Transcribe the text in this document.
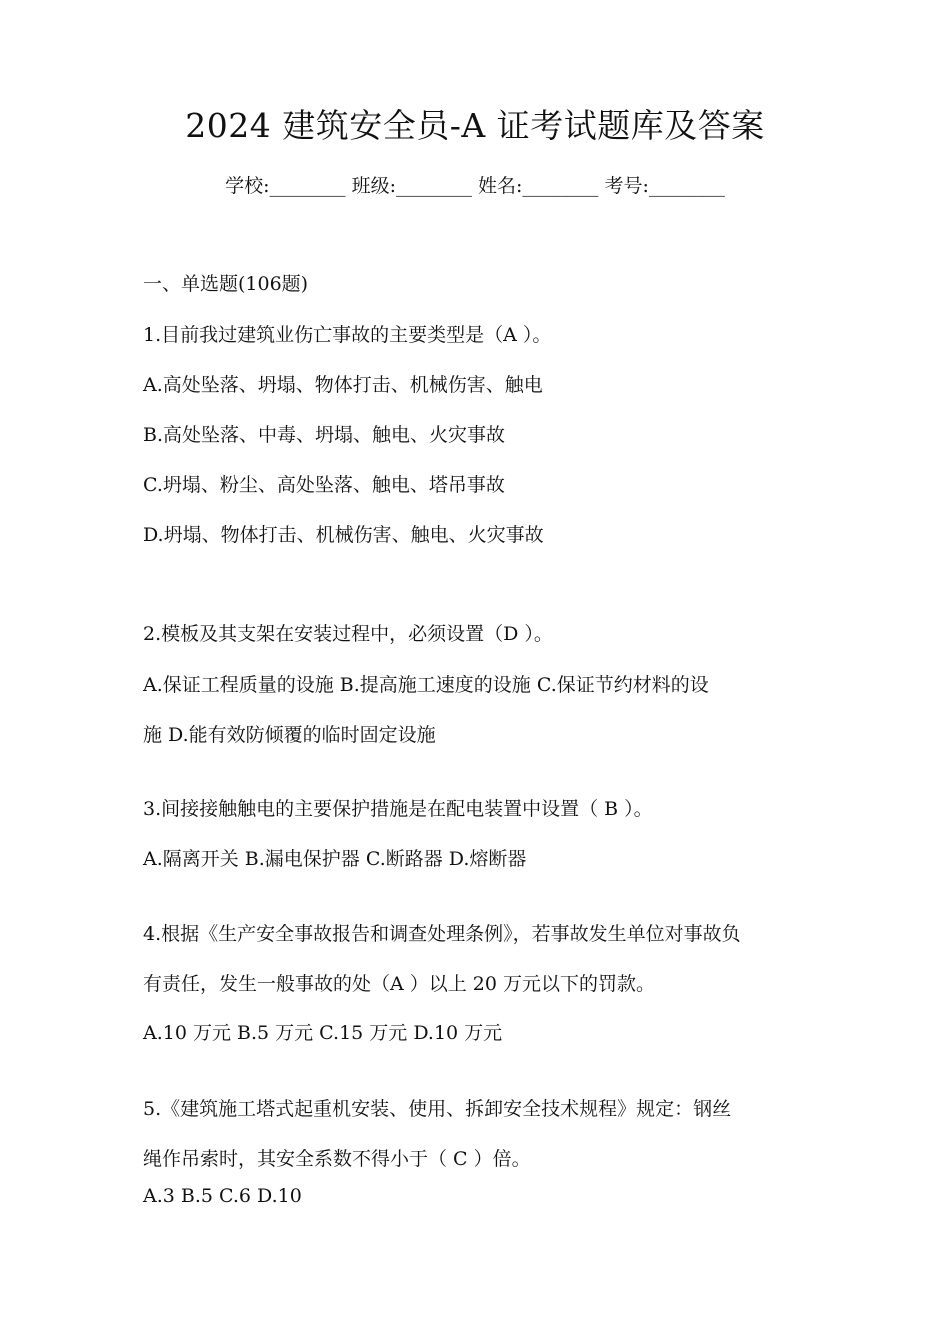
2024 建筑安全员-A 证考试题库及答案
学校:________ 班级:________ 姓名:________ 考号:________
一、单选题(106题)
1.目前我过建筑业伤亡事故的主要类型是（A ）。
A.高处坠落、坍塌、物体打击、机械伤害、触电
B.高处坠落、中毒、坍塌、触电、火灾事故
C.坍塌、粉尘、高处坠落、触电、塔吊事故
D.坍塌、物体打击、机械伤害、触电、火灾事故
2.模板及其支架在安装过程中，必须设置（D ）。
A.保证工程质量的设施 B.提高施工速度的设施 C.保证节约材料的设
施 D.能有效防倾覆的临时固定设施
3.间接接触触电的主要保护措施是在配电装置中设置（ B ）。
A.隔离开关 B.漏电保护器 C.断路器 D.熔断器
4.根据《生产安全事故报告和调查处理条例》，若事故发生单位对事故负
有责任，发生一般事故的处（A ）以上 20 万元以下的罚款。
A.10 万元 B.5 万元 C.15 万元 D.10 万元
5.《建筑施工塔式起重机安装、使用、拆卸安全技术规程》规定：钢丝
绳作吊索时，其安全系数不得小于（ C ）倍。
A.3 B.5 C.6 D.10
